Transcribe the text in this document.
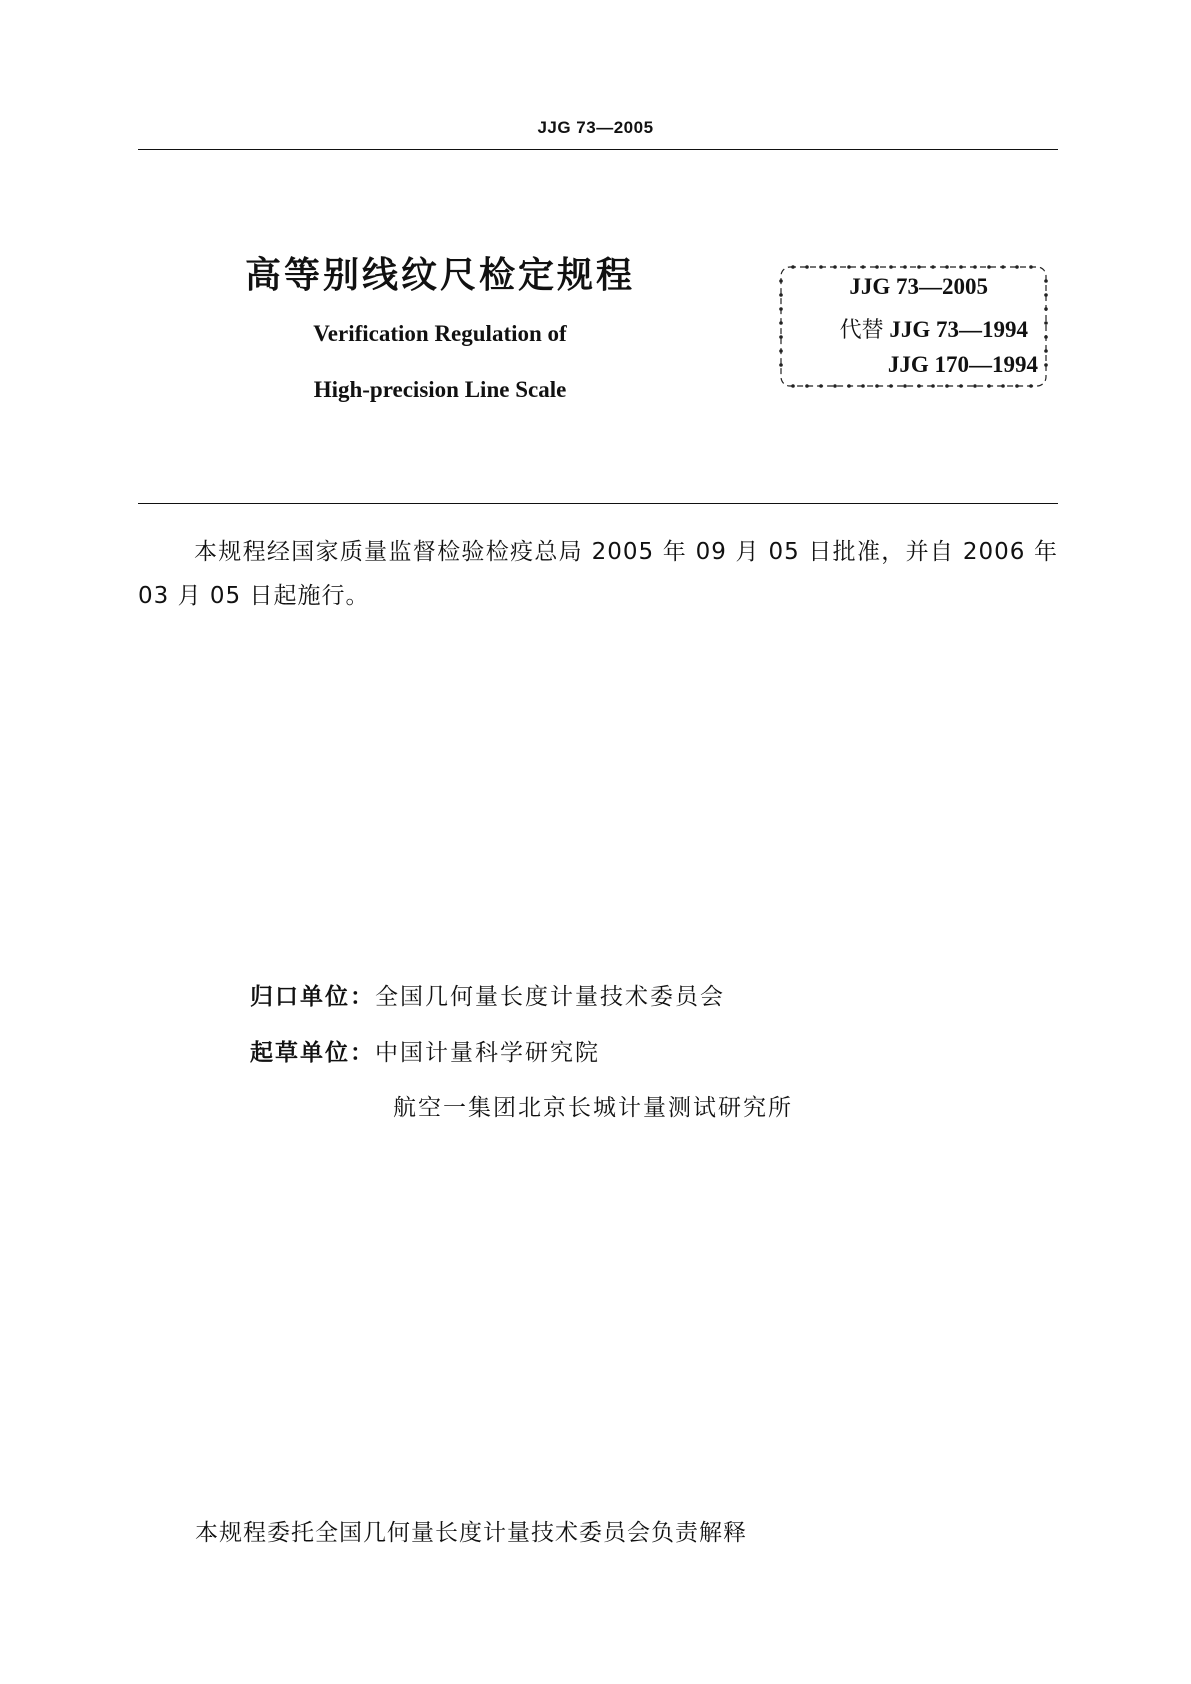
JJG 73—2005
高等别线纹尺检定规程
Verification Regulation of
High-precision Line Scale
JJG 73—2005
代替 JJG 73—1994
JJG 170—1994
本规程经国家质量监督检验检疫总局 2005 年 09 月 05 日批准，并自 2006 年 03 月 05 日起施行。
归口单位：全国几何量长度计量技术委员会
起草单位：中国计量科学研究院
航空一集团北京长城计量测试研究所
本规程委托全国几何量长度计量技术委员会负责解释
